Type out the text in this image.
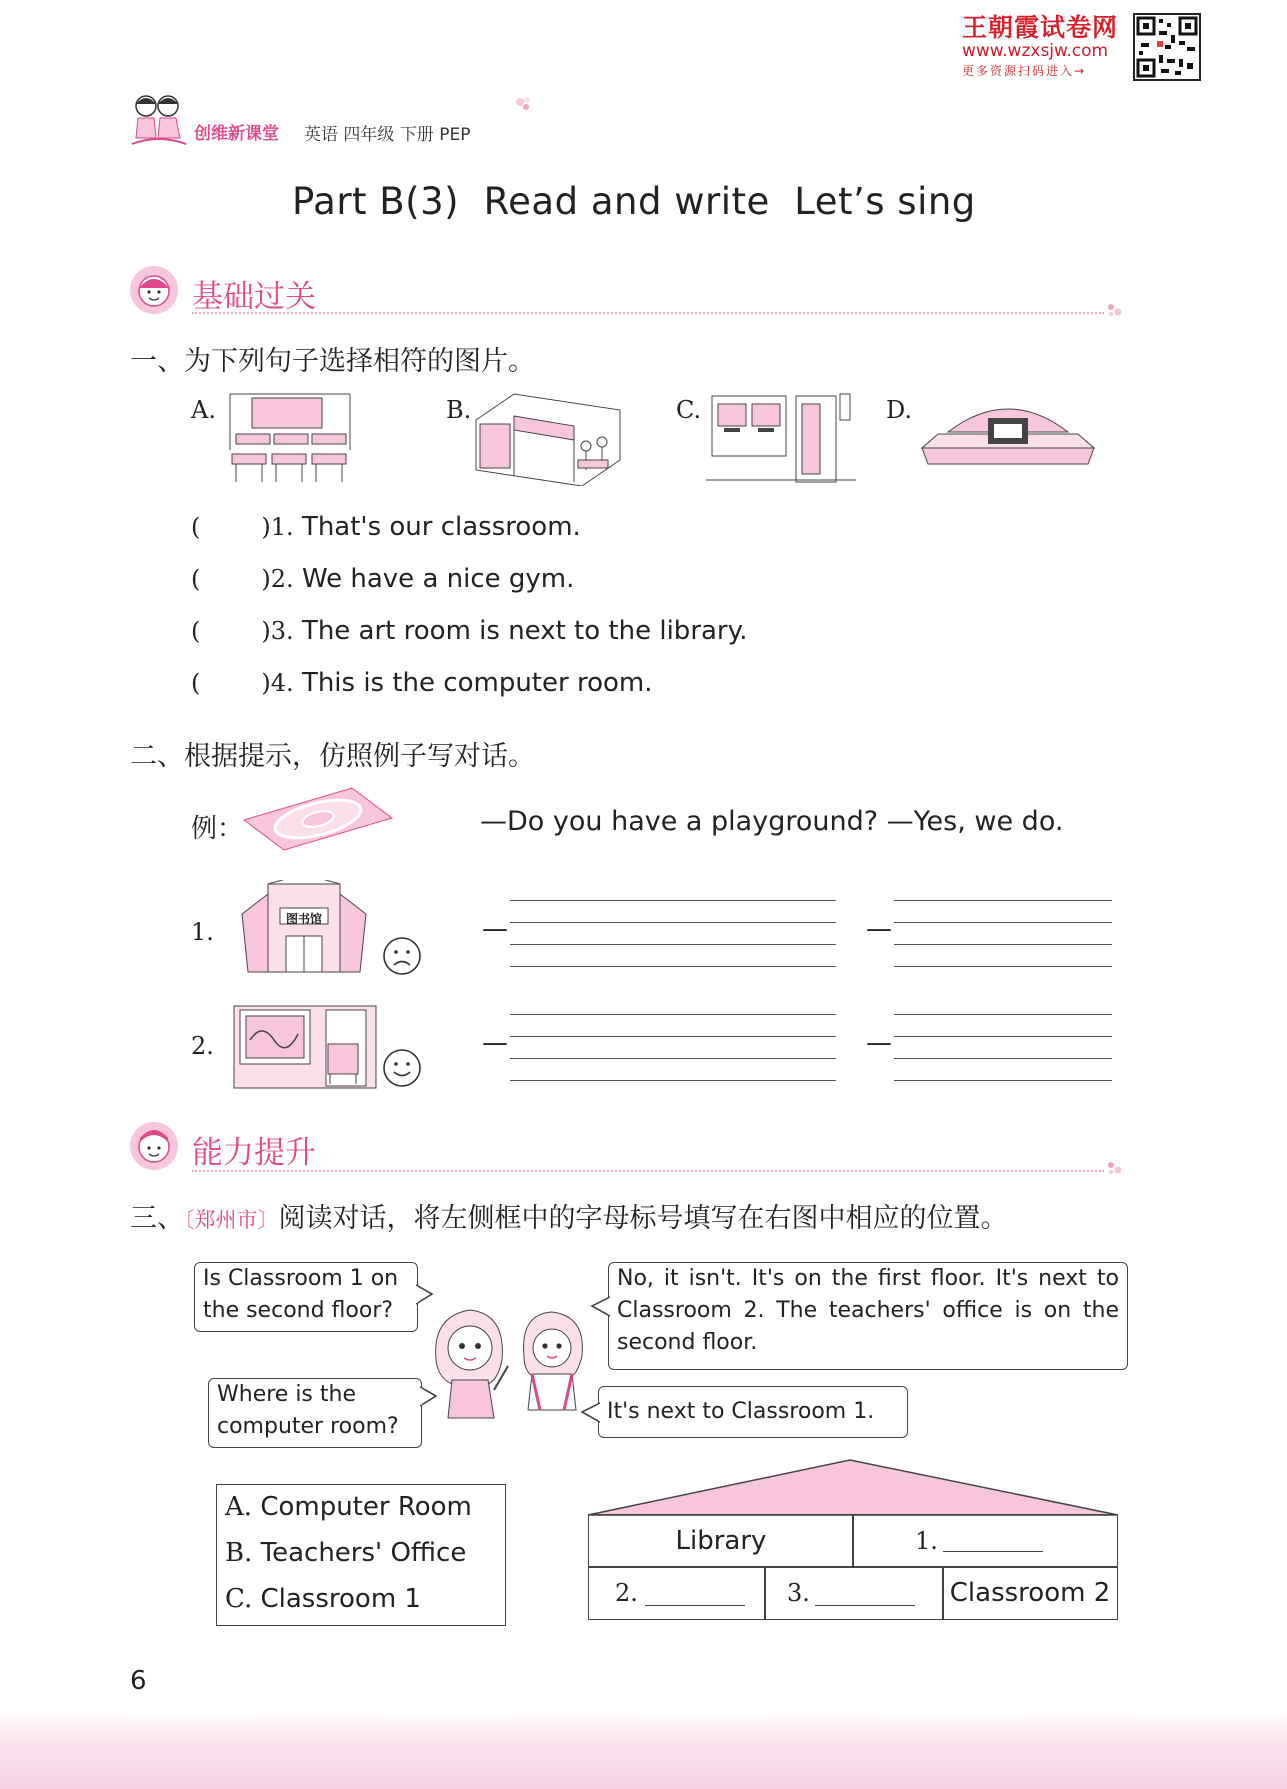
王朝霞试卷网
www.wzxsjw.com
更多资源扫码进入→
创维新课堂 英语 四年级 下册 PEP
Part B(3)  Read and write  Let’s sing
基础过关
一、为下列句子选择相符的图片。
A.	B.	C.	D.
(        )1. That's our classroom.
(        )2. We have a nice gym.
(        )3. The art room is next to the library.
(        )4. This is the computer room.
二、根据提示，仿照例子写对话。
例：	—Do you have a playground? —Yes, we do.
1.	图书馆	—	—
2.	—	—
能力提升
三、〔郑州市〕阅读对话，将左侧框中的字母标号填写在右图中相应的位置。
Is Classroom 1 on the second floor?
No, it isn't. It's on the first floor. It's next to Classroom 2. The teachers' office is on the second floor.
Where is the computer room?
It's next to Classroom 1.
A. Computer Room
B. Teachers' Office
C. Classroom 1
Library	1.
2.	3.	Classroom 2
6
